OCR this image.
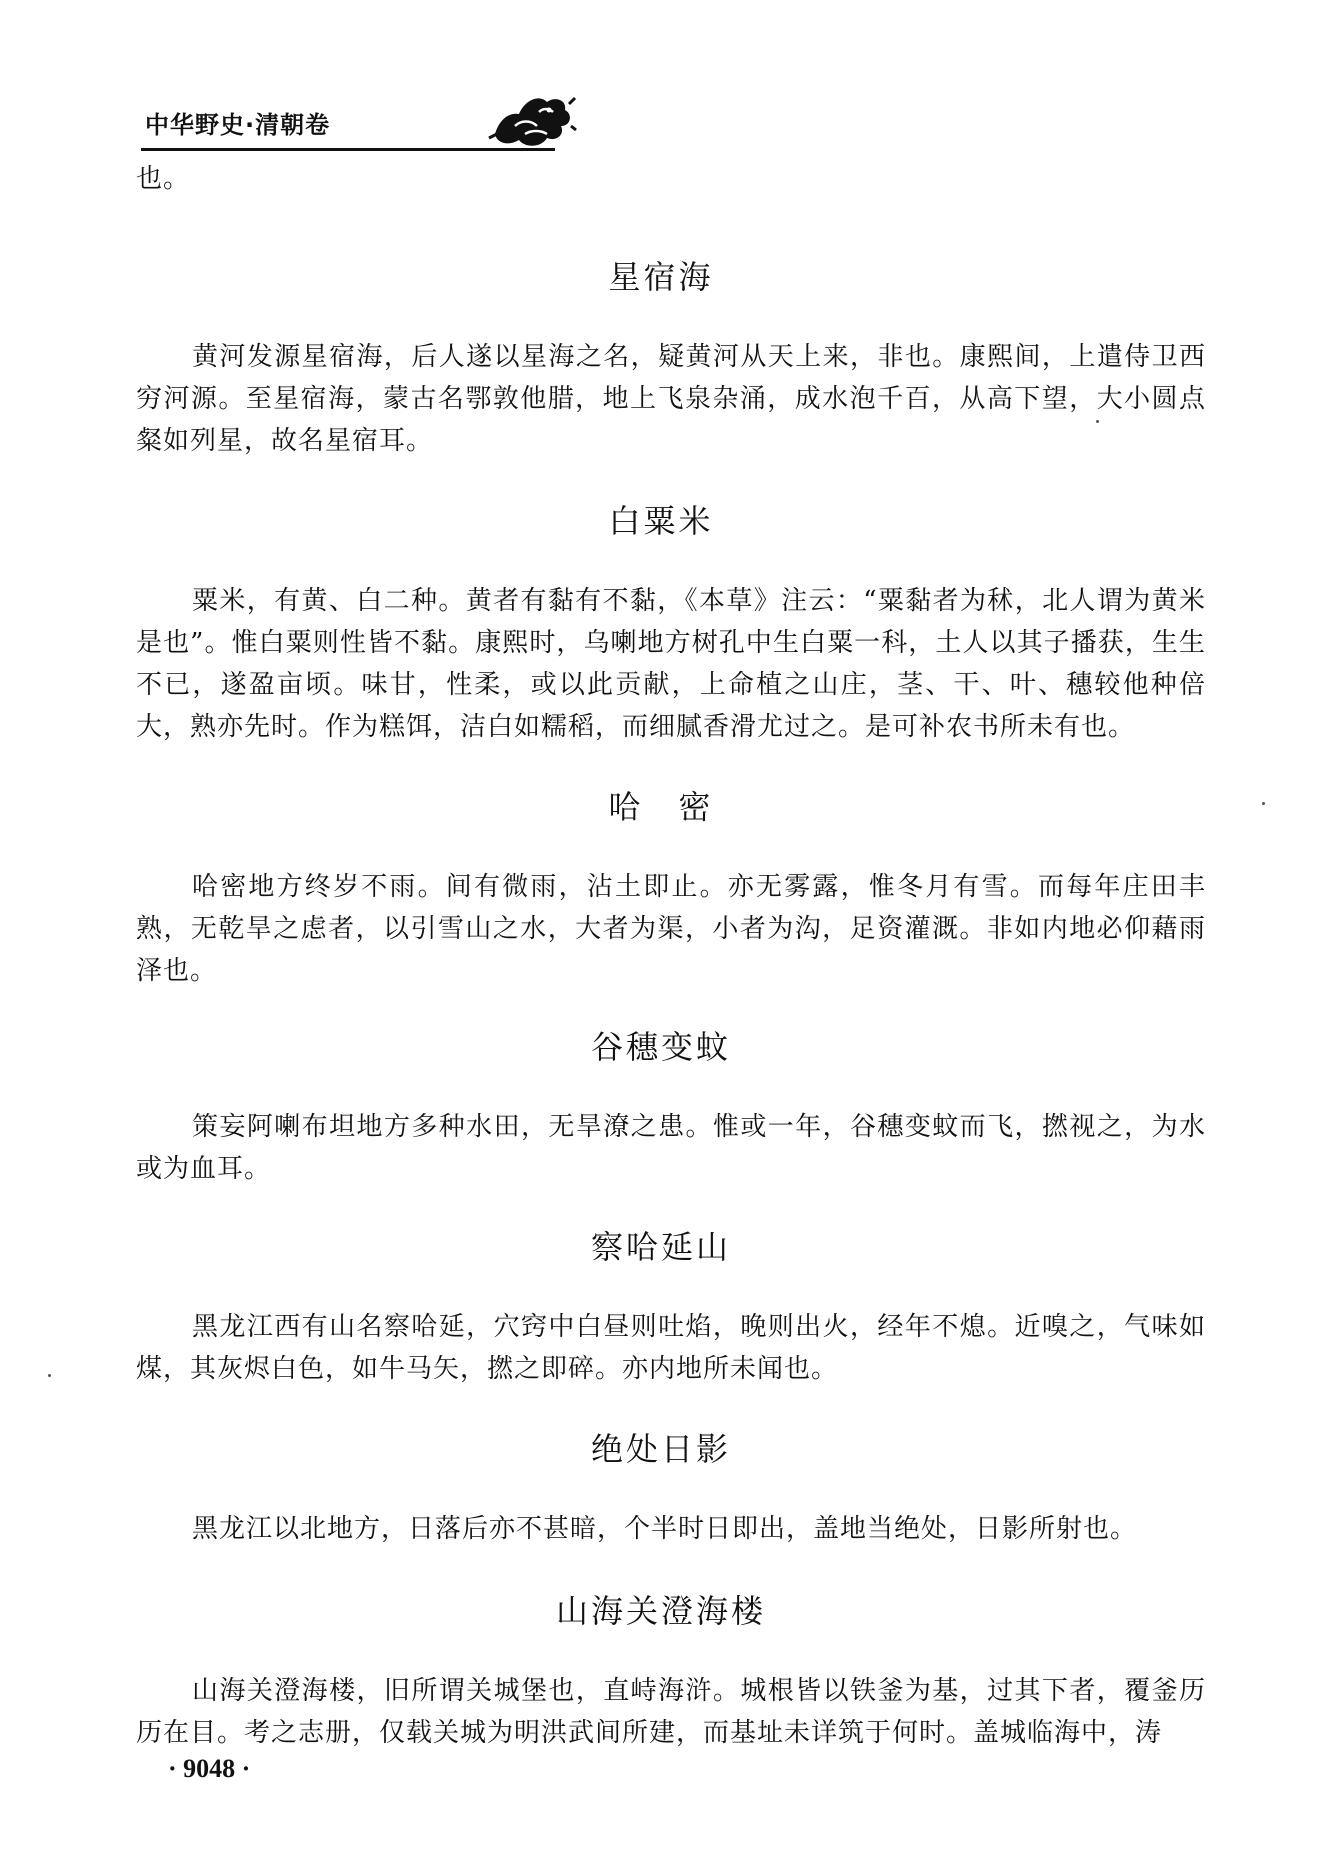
中华野史·清朝卷
也。
星宿海
黄河发源星宿海，后人遂以星海之名，疑黄河从天上来，非也。康熙间，上遣侍卫西穷河源。至星宿海，蒙古名鄂敦他腊，地上飞泉杂涌，成水泡千百，从高下望，大小圆点粲如列星，故名星宿耳。
白粟米
粟米，有黄、白二种。黄者有黏有不黏，《本草》注云：“粟黏者为秫，北人谓为黄米是也”。惟白粟则性皆不黏。康熙时，乌喇地方树孔中生白粟一科，土人以其子播获，生生不已，遂盈亩顷。味甘，性柔，或以此贡献，上命植之山庄，茎、干、叶、穗较他种倍大，熟亦先时。作为糕饵，洁白如糯稻，而细腻香滑尤过之。是可补农书所未有也。
哈　密
哈密地方终岁不雨。间有微雨，沾土即止。亦无雾露，惟冬月有雪。而每年庄田丰熟，无乾旱之虑者，以引雪山之水，大者为渠，小者为沟，足资灌溉。非如内地必仰藉雨泽也。
谷穗变蚊
策妄阿喇布坦地方多种水田，无旱潦之患。惟或一年，谷穗变蚊而飞，撚视之，为水或为血耳。
察哈延山
黑龙江西有山名察哈延，穴窍中白昼则吐焰，晚则出火，经年不熄。近嗅之，气味如煤，其灰烬白色，如牛马矢，撚之即碎。亦内地所未闻也。
绝处日影
黑龙江以北地方，日落后亦不甚暗，个半时日即出，盖地当绝处，日影所射也。
山海关澄海楼
山海关澄海楼，旧所谓关城堡也，直峙海浒。城根皆以铁釜为基，过其下者，覆釜历历在目。考之志册，仅载关城为明洪武间所建，而基址未详筑于何时。盖城临海中，涛
· 9048 ·
